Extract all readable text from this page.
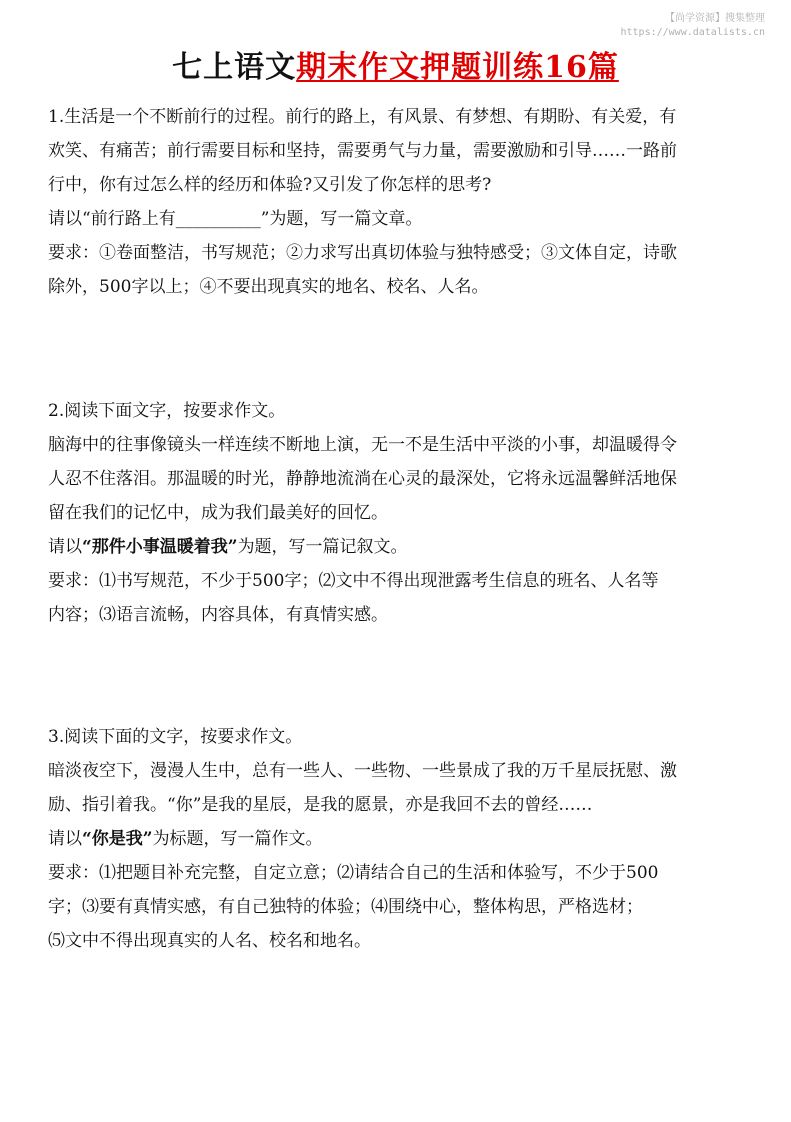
【尚学资源】搜集整理
https://www.datalists.cn
七上语文期末作文押题训练16篇

1.生活是一个不断前行的过程。前行的路上，有风景、有梦想、有期盼、有关爱，有

欢笑、有痛苦；前行需要目标和坚持，需要勇气与力量，需要激励和引导……一路前

行中，你有过怎么样的经历和体验?又引发了你怎样的思考?

请以“前行路上有__________”为题，写一篇文章。

要求：①卷面整洁，书写规范；②力求写出真切体验与独特感受；③文体自定，诗歌

除外，500字以上；④不要出现真实的地名、校名、人名。

2.阅读下面文字，按要求作文。

脑海中的往事像镜头一样连续不断地上演，无一不是生活中平淡的小事，却温暖得令

人忍不住落泪。那温暖的时光，静静地流淌在心灵的最深处，它将永远温馨鲜活地保

留在我们的记忆中，成为我们最美好的回忆。

请以“那件小事温暖着我”为题，写一篇记叙文。

要求：⑴书写规范，不少于500字；⑵文中不得出现泄露考生信息的班名、人名等

内容；⑶语言流畅，内容具体，有真情实感。

3.阅读下面的文字，按要求作文。

暗淡夜空下，漫漫人生中，总有一些人、一些物、一些景成了我的万千星辰抚慰、激

励、指引着我。“你”是我的星辰，是我的愿景，亦是我回不去的曾经……

请以“你是我”为标题，写一篇作文。

要求：⑴把题目补充完整，自定立意；⑵请结合自己的生活和体验写，不少于500

字；⑶要有真情实感，有自己独特的体验；⑷围绕中心，整体构思，严格选材；

⑸文中不得出现真实的人名、校名和地名。
